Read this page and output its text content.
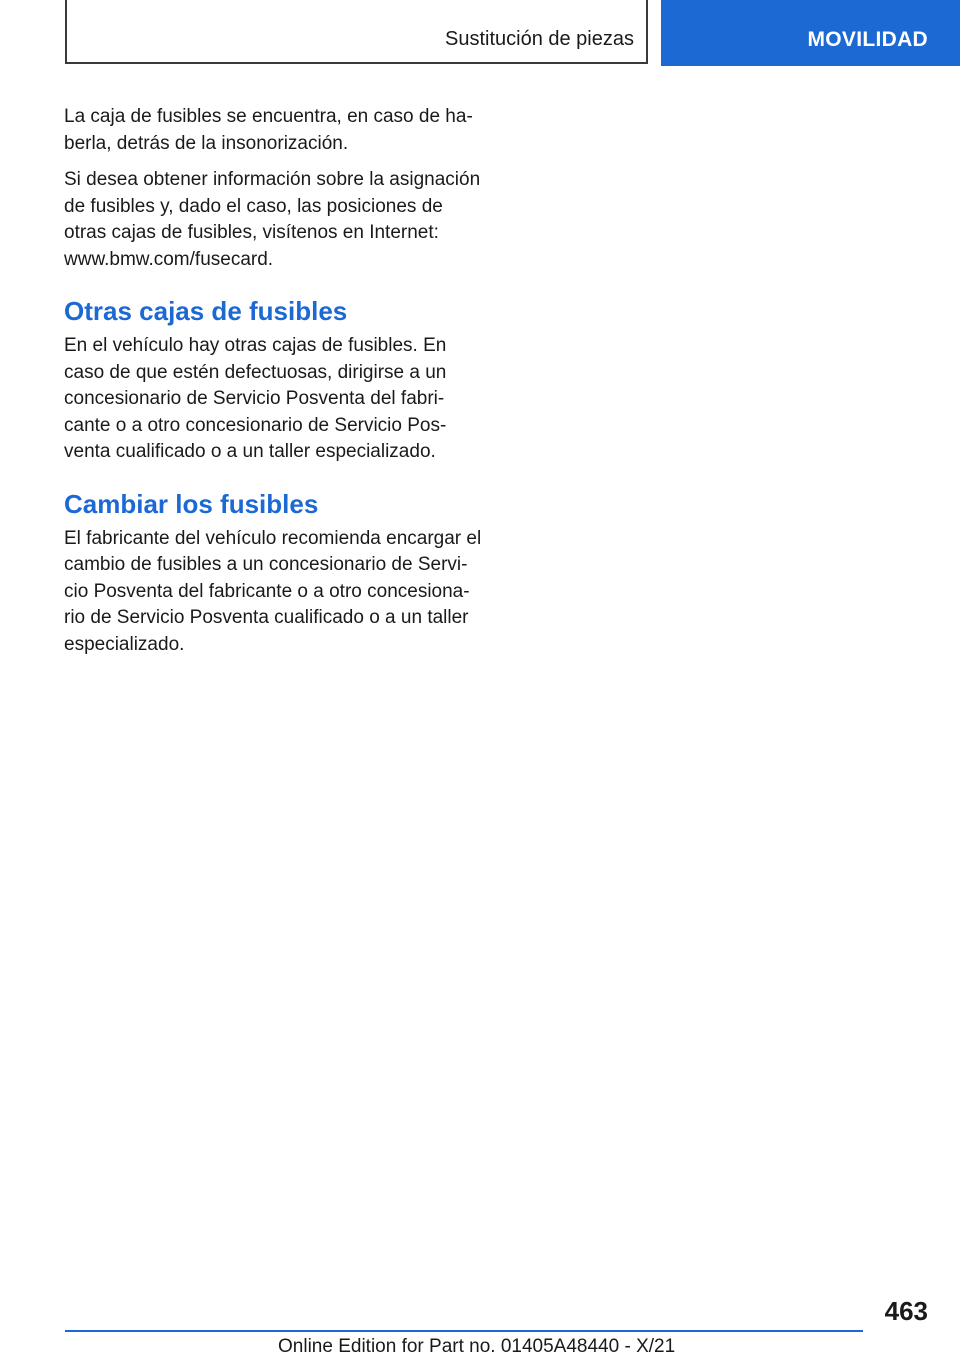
Sustitución de piezas	MOVILIDAD

La caja de fusibles se encuentra, en caso de ha-berla, detrás de la insonorización.

Si desea obtener información sobre la asignación de fusibles y, dado el caso, las posiciones de otras cajas de fusibles, visítenos en Internet: www.bmw.com/fusecard.

Otras cajas de fusibles

En el vehículo hay otras cajas de fusibles. En caso de que estén defectuosas, dirigirse a un concesionario de Servicio Posventa del fabri-cante o a otro concesionario de Servicio Pos-venta cualificado o a un taller especializado.

Cambiar los fusibles

El fabricante del vehículo recomienda encargar el cambio de fusibles a un concesionario de Servi-cio Posventa del fabricante o a otro concesiona-rio de Servicio Posventa cualificado o a un taller especializado.

463
Online Edition for Part no. 01405A48440 - X/21
